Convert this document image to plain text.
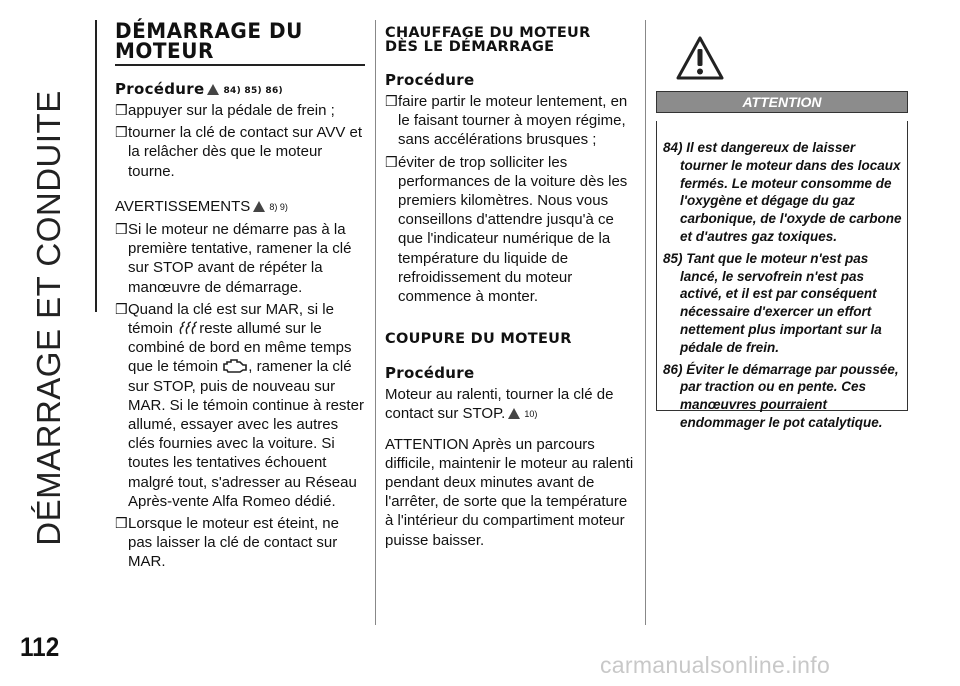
DÉMARRAGE ET CONDUITE
112
DÉMARRAGE DU
MOTEUR
Procédure 84) 85) 86)

❒appuyer sur la pédale de frein ;

❒tourner la clé de contact sur AVV et la relâcher dès que le moteur tourne.

AVERTISSEMENTS 8) 9)

❒Si le moteur ne démarre pas à la première tentative, ramener la clé sur STOP avant de répéter la manœuvre de démarrage.

❒Quand la clé est sur MAR, si le témoin reste allumé sur le combiné de bord en même temps que le témoin , ramener la clé sur STOP, puis de nouveau sur MAR. Si le témoin continue à rester allumé, essayer avec les autres clés fournies avec la voiture. Si toutes les tentatives échouent malgré tout, s'adresser au Réseau Après-vente Alfa Romeo dédié.

❒Lorsque le moteur est éteint, ne pas laisser la clé de contact sur MAR.

CHAUFFAGE DU MOTEUR
DÈS LE DÉMARRAGE
Procédure

❒faire partir le moteur lentement, en le faisant tourner à moyen régime, sans accélérations brusques ;

❒éviter de trop solliciter les performances de la voiture dès les premiers kilomètres. Nous vous conseillons d'attendre jusqu'à ce que l'indicateur numérique de la température du liquide de refroidissement du moteur commence à monter.

COUPURE DU MOTEUR
Procédure

Moteur au ralenti, tourner la clé de contact sur STOP. 10)

ATTENTION Après un parcours difficile, maintenir le moteur au ralenti pendant deux minutes avant de l'arrêter, de sorte que la température à l'intérieur du compartiment moteur puisse baisser.

ATTENTION

84) Il est dangereux de laisser tourner le moteur dans des locaux fermés. Le moteur consomme de l'oxygène et dégage du gaz carbonique, de l'oxyde de carbone et d'autres gaz toxiques.

85) Tant que le moteur n'est pas lancé, le servofrein n'est pas activé, et il est par conséquent nécessaire d'exercer un effort nettement plus important sur la pédale de frein.

86) Éviter le démarrage par poussée, par traction ou en pente. Ces manœuvres pourraient endommager le pot catalytique.

carmanualsonline.info
